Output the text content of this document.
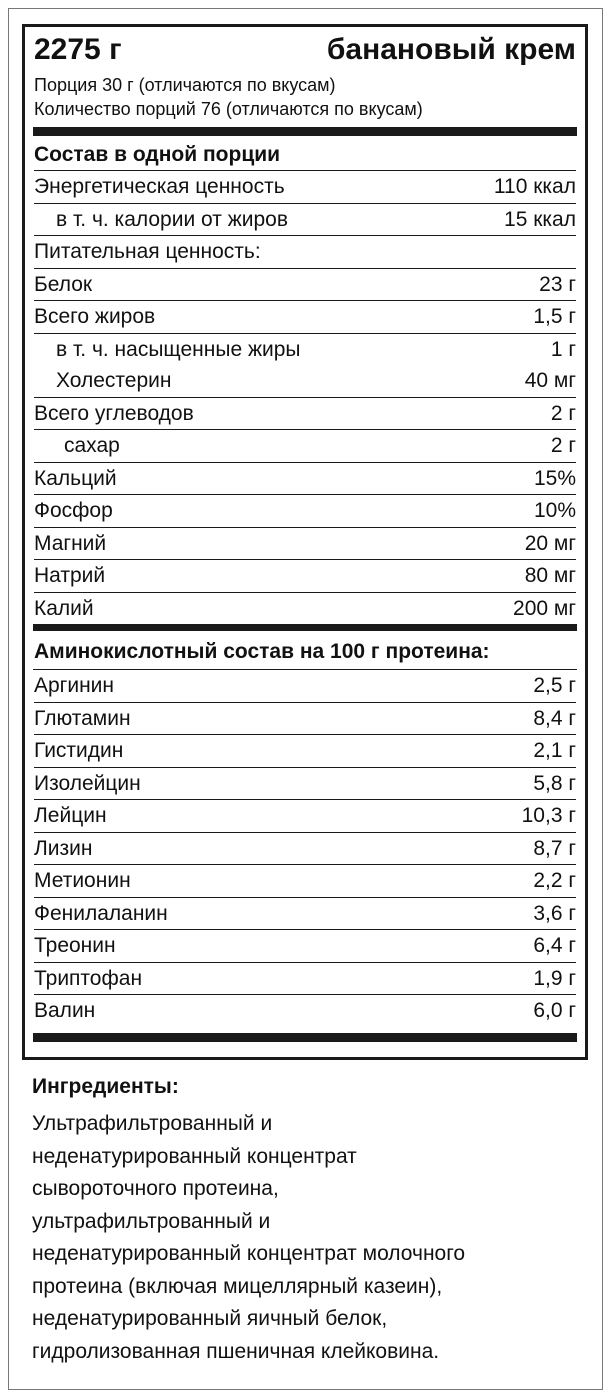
2275 г	банановый крем
Порция 30 г (отличаются по вкусам)
Количество порций 76 (отличаются по вкусам)
Состав в одной порции
Энергетическая ценность	110 ккал
в т. ч. калории от жиров	15 ккал
Питательная ценность:
Белок	23 г
Всего жиров	1,5 г
в т. ч. насыщенные жиры	1 г
Холестерин	40 мг
Всего углеводов	2 г
сахар	2 г
Кальций	15%
Фосфор	10%
Магний	20 мг
Натрий	80 мг
Калий	200 мг
Аминокислотный состав на 100 г протеина:
Аргинин	2,5 г
Глютамин	8,4 г
Гистидин	2,1 г
Изолейцин	5,8 г
Лейцин	10,3 г
Лизин	8,7 г
Метионин	2,2 г
Фенилаланин	3,6 г
Треонин	6,4 г
Триптофан	1,9 г
Валин	6,0 г
Ингредиенты:
Ультрафильтрованный и
неденатурированный концентрат
сывороточного протеина,
ультрафильтрованный и
неденатурированный концентрат молочного
протеина (включая мицеллярный казеин),
неденатурированный яичный белок,
гидролизованная пшеничная клейковина.
